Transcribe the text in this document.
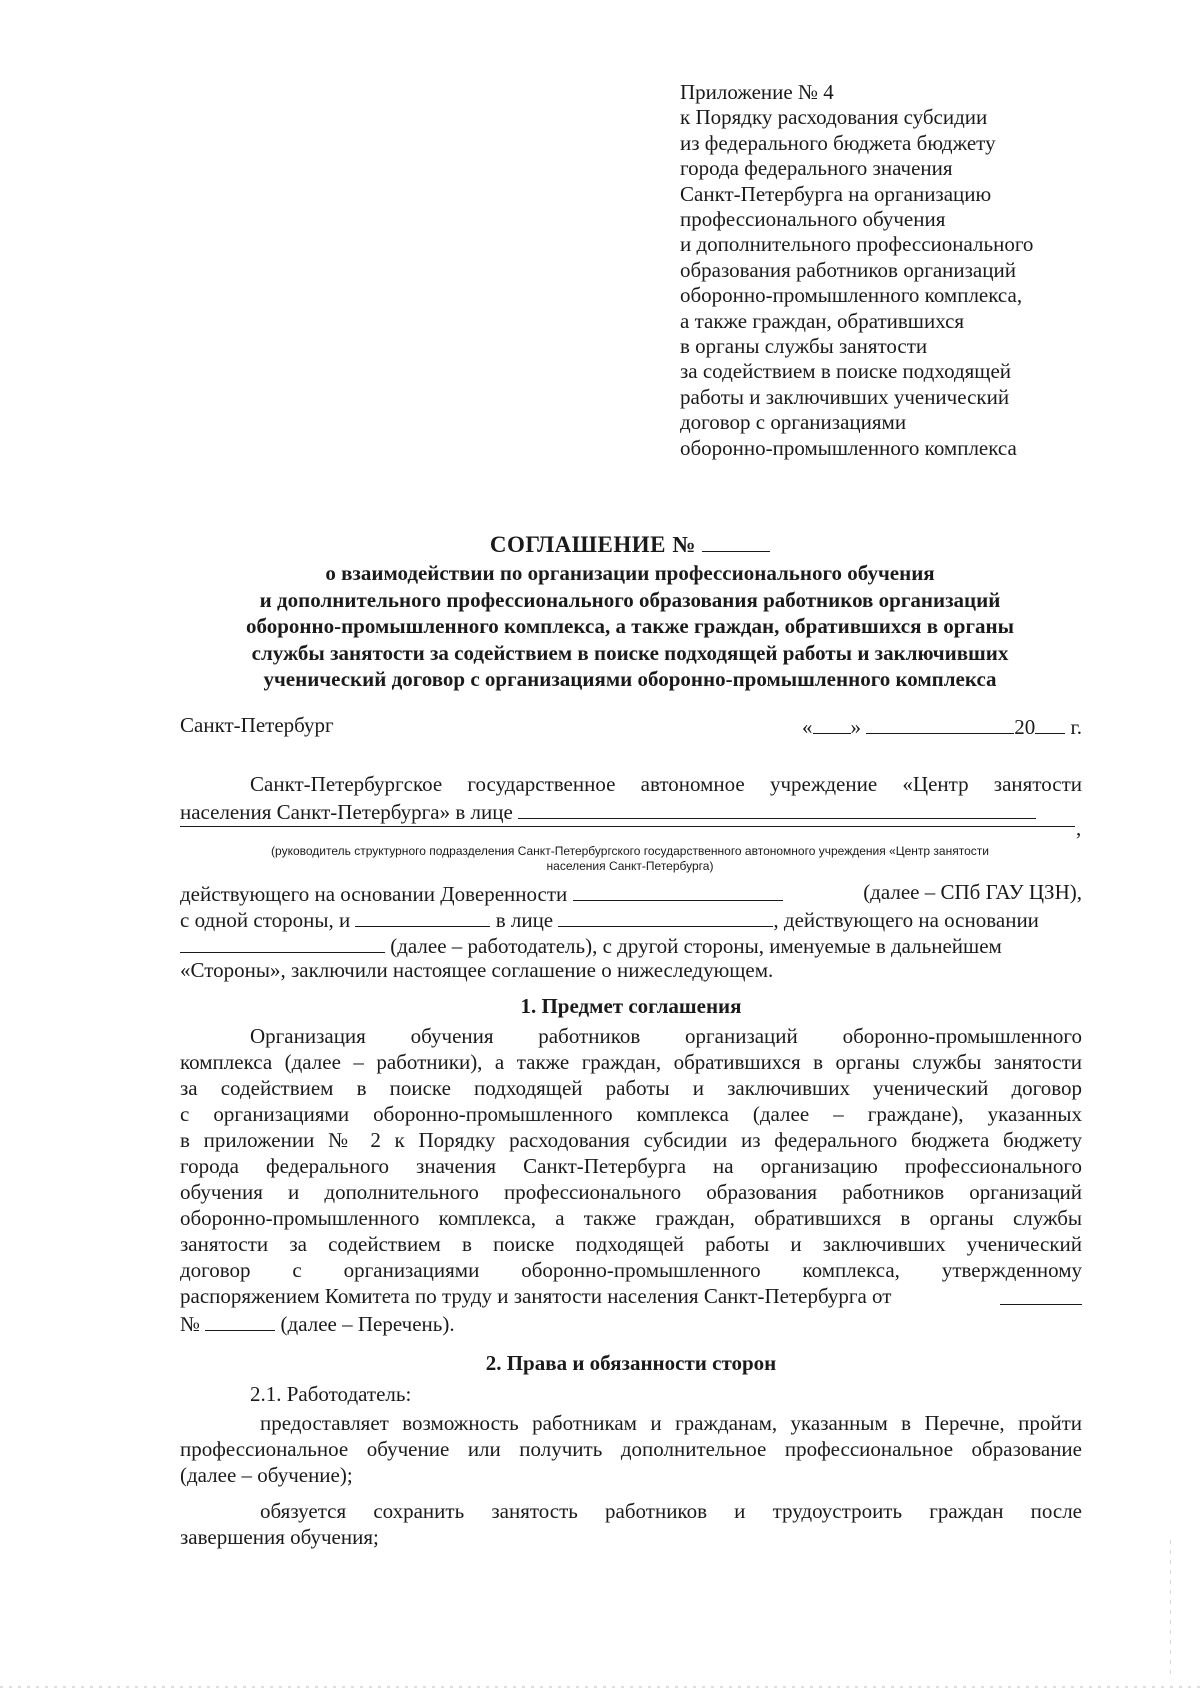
Приложение № 4
к Порядку расходования субсидии
из федерального бюджета бюджету
города федерального значения
Санкт-Петербурга на организацию
профессионального обучения
и дополнительного профессионального
образования работников организаций
оборонно-промышленного комплекса,
а также граждан, обратившихся
в органы службы занятости
за содействием в поиске подходящей
работы и заключивших ученический
договор с организациями
оборонно-промышленного комплекса
СОГЛАШЕНИЕ №
о взаимодействии по организации профессионального обучения
и дополнительного профессионального образования работников организаций
оборонно-промышленного комплекса, а также граждан, обратившихся в органы
службы занятости за содействием в поиске подходящей работы и заключивших
ученический договор с организациями оборонно-промышленного комплекса
Санкт-Петербург	« »	20 г.
Санкт-Петербургское государственное автономное учреждение «Центр занятости
населения Санкт-Петербурга» в лице
,
(руководитель структурного подразделения Санкт-Петербургского государственного автономного учреждения «Центр занятости
населения Санкт-Петербурга)
действующего на основании Доверенности	(далее – СПб ГАУ ЦЗН),
с одной стороны, и	в лице	, действующего на основании
(далее – работодатель), с другой стороны, именуемые в дальнейшем
«Стороны», заключили настоящее соглашение о нижеследующем.
1. Предмет соглашения
Организация обучения работников организаций оборонно-промышленного
комплекса (далее – работники), а также граждан, обратившихся в органы службы занятости
за содействием в поиске подходящей работы и заключивших ученический договор
с организациями оборонно-промышленного комплекса (далее – граждане), указанных
в приложении № 2 к Порядку расходования субсидии из федерального бюджета бюджету
города федерального значения Санкт-Петербурга на организацию профессионального
обучения и дополнительного профессионального образования работников организаций
оборонно-промышленного комплекса, а также граждан, обратившихся в органы службы
занятости за содействием в поиске подходящей работы и заключивших ученический
договор с организациями оборонно-промышленного комплекса, утвержденному
распоряжением Комитета по труду и занятости населения Санкт-Петербурга от
№	(далее – Перечень).
2. Права и обязанности сторон
2.1. Работодатель:
предоставляет возможность работникам и гражданам, указанным в Перечне, пройти
профессиональное обучение или получить дополнительное профессиональное образование
(далее – обучение);
обязуется сохранить занятость работников и трудоустроить граждан после
завершения обучения;
